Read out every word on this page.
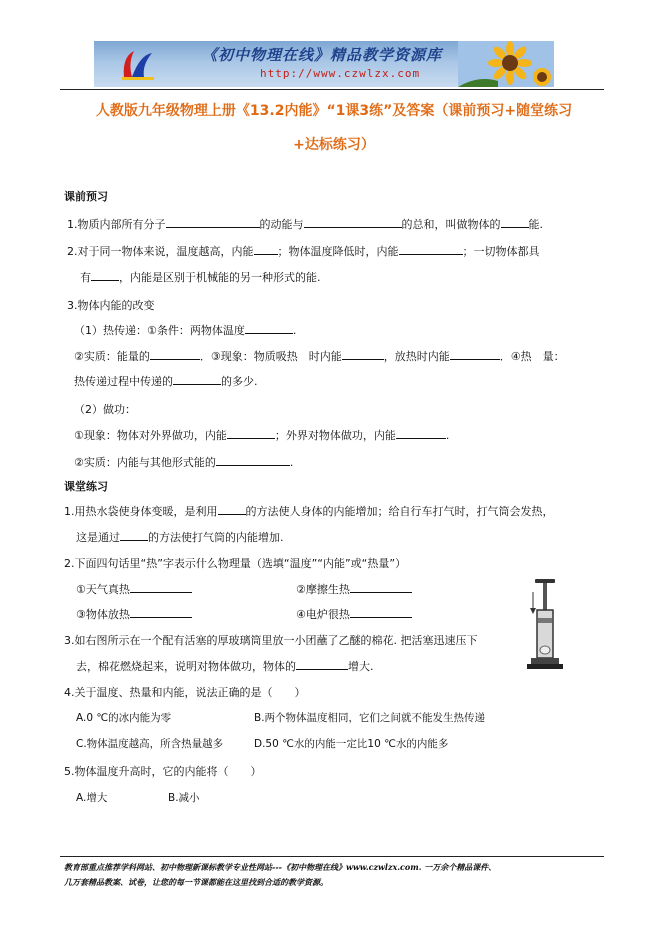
《初中物理在线》精品教学资源库
http://www.czwlzx.com
人教版九年级物理上册《13.2内能》“1课3练”及答案（课前预习+随堂练习
+达标练习）
课前预习
1.物质内部所有分子	的动能与	的总和，叫做物体的	能.
2.对于同一物体来说，温度越高，内能 ；物体温度降低时，内能	；一切物体都具
有	，内能是区别于机械能的另一种形式的能.
3.物体内能的改变
（1）热传递：①条件：两物体温度	.
②实质：能量的	．③现象：物质吸热　时内能	，放热时内能	．④热　量：
热传递过程中传递的	的多少.
（2）做功：
①现象：物体对外界做功，内能	；外界对物体做功，内能	.
②实质：内能与其他形式能的	.
课堂练习
1.用热水袋使身体变暖，是利用	的方法使人身体的内能增加；给自行车打气时，打气筒会发热，
这是通过	的方法使打气筒的内能增加.
2.下面四句话里“热”字表示什么物理量（选填“温度”“内能”或“热量”）
①天气真热	②摩擦生热
③物体放热	④电炉很热
3.如右图所示在一个配有活塞的厚玻璃筒里放一小团蘸了乙醚的棉花. 把活塞迅速压下
去，棉花燃烧起来，说明对物体做功，物体的	增大.
4.关于温度、热量和内能，说法正确的是（　　）
A.0 ℃的冰内能为零	B.两个物体温度相同，它们之间就不能发生热传递
C.物体温度越高，所含热量越多	D.50 ℃水的内能一定比10 ℃水的内能多
5.物体温度升高时，它的内能将（　　）
A.增大	B.减小
教育部重点推荐学科网站、初中物理新课标教学专业性网站---《初中物理在线》www.czwlzx.com. 一万余个精品课件、
几万套精品教案、试卷，让您的每一节课都能在这里找到合适的教学资源。
